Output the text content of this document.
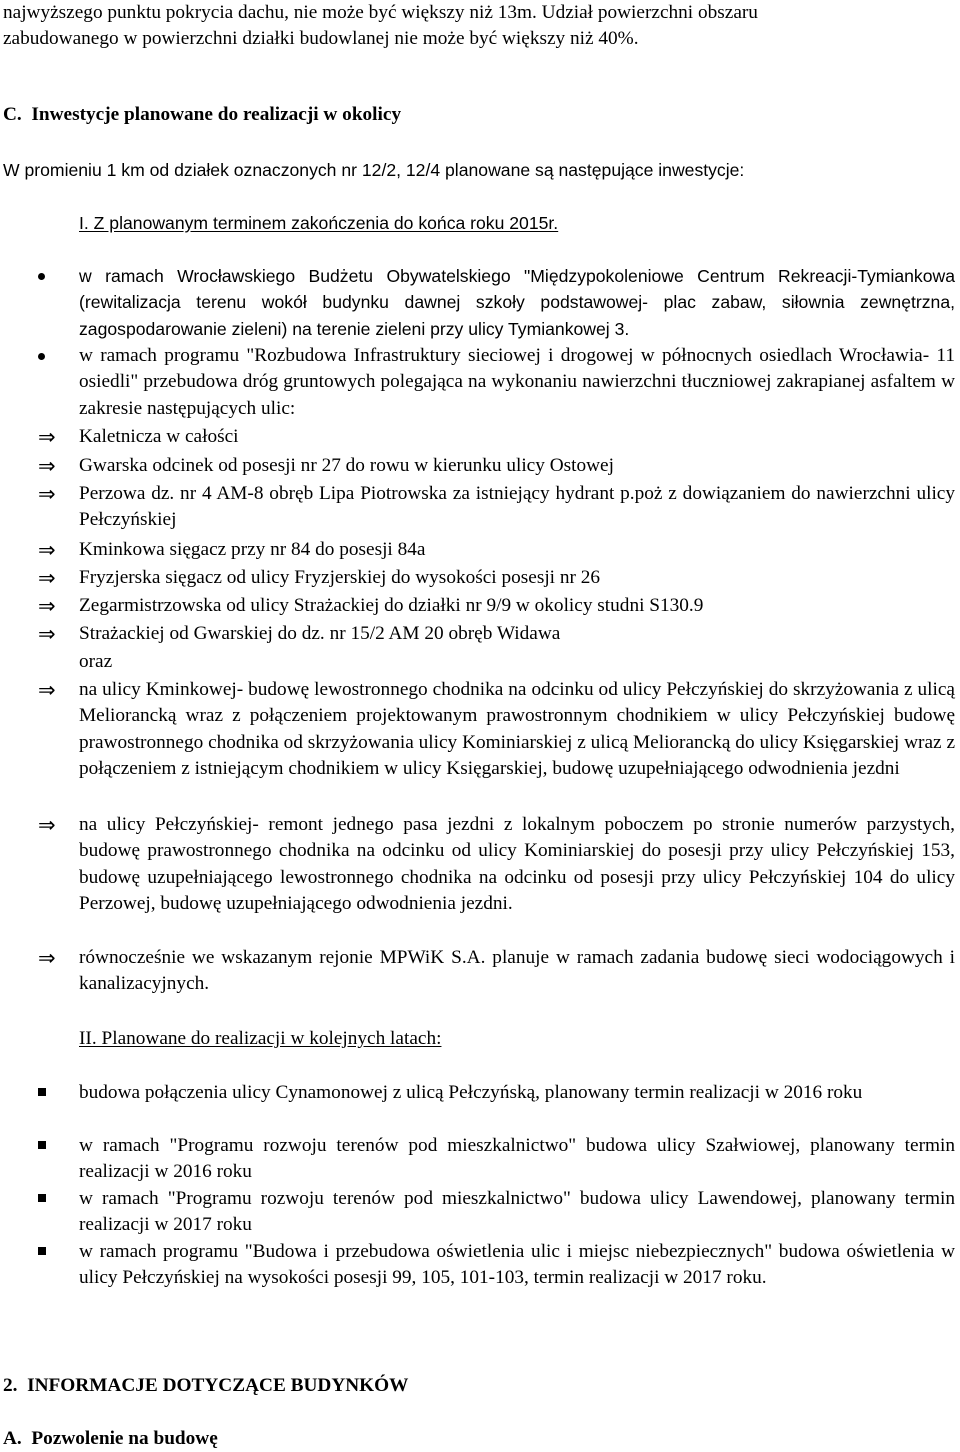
najwyższego punktu pokrycia dachu, nie może być większy niż 13m. Udział powierzchni obszaru

zabudowanego w powierzchni działki budowlanej nie może być większy niż 40%.

C.  Inwestycje planowane do realizacji w okolicy

W promieniu 1 km od działek oznaczonych nr 12/2, 12/4 planowane są następujące inwestycje:

I. Z planowanym terminem zakończenia do końca roku 2015r.

w ramach Wrocławskiego Budżetu Obywatelskiego "Międzypokoleniowe Centrum Rekreacji-Tymiankowa (rewitalizacja terenu wokół budynku dawnej szkoły podstawowej- plac zabaw, siłownia zewnętrzna, zagospodarowanie zieleni) na terenie zieleni przy ulicy Tymiankowej 3.

w ramach programu "Rozbudowa Infrastruktury sieciowej i drogowej w północnych osiedlach Wrocławia- 11 osiedli" przebudowa dróg gruntowych polegająca na wykonaniu nawierzchni tłuczniowej zakrapianej asfaltem w zakresie następujących ulic:

⇒ Kaletnicza w całości

⇒ Gwarska odcinek od posesji nr 27 do rowu w kierunku ulicy Ostowej

⇒ Perzowa dz. nr 4 AM-8 obręb Lipa Piotrowska za istniejący hydrant p.poż z dowiązaniem do nawierzchni ulicy Pełczyńskiej

⇒ Kminkowa sięgacz przy nr 84 do posesji 84a

⇒ Fryzjerska sięgacz od ulicy Fryzjerskiej do wysokości posesji nr 26

⇒ Zegarmistrzowska od ulicy Strażackiej do działki nr 9/9 w okolicy studni S130.9

⇒ Strażackiej od Gwarskiej do dz. nr 15/2 AM 20 obręb Widawa

oraz

⇒ na ulicy Kminkowej- budowę lewostronnego chodnika na odcinku od ulicy Pełczyńskiej do skrzyżowania z ulicą Meliorancką wraz z połączeniem projektowanym prawostronnym chodnikiem w ulicy Pełczyńskiej budowę prawostronnego chodnika od skrzyżowania ulicy Kominiarskiej z ulicą Meliorancką do ulicy Księgarskiej wraz z połączeniem z istniejącym chodnikiem w ulicy Księgarskiej, budowę uzupełniającego odwodnienia jezdni

⇒ na ulicy Pełczyńskiej- remont jednego pasa jezdni z lokalnym poboczem po stronie numerów parzystych, budowę prawostronnego chodnika na odcinku od ulicy Kominiarskiej do posesji przy ulicy Pełczyńskiej 153, budowę uzupełniającego lewostronnego chodnika na odcinku od posesji przy ulicy Pełczyńskiej 104 do ulicy Perzowej, budowę uzupełniającego odwodnienia jezdni.

⇒ równocześnie we wskazanym rejonie MPWiK S.A. planuje w ramach zadania budowę sieci wodociągowych i kanalizacyjnych.

II. Planowane do realizacji w kolejnych latach:

budowa połączenia ulicy Cynamonowej z ulicą Pełczyńską, planowany termin realizacji w 2016 roku

w ramach "Programu rozwoju terenów pod mieszkalnictwo" budowa ulicy Szałwiowej, planowany termin realizacji w 2016 roku

w ramach "Programu rozwoju terenów pod mieszkalnictwo" budowa ulicy Lawendowej, planowany termin realizacji w 2017 roku

w ramach programu "Budowa i przebudowa oświetlenia ulic i miejsc niebezpiecznych" budowa oświetlenia w ulicy Pełczyńskiej na wysokości posesji 99, 105, 101-103, termin realizacji w 2017 roku.

2.  INFORMACJE DOTYCZĄCE BUDYNKÓW

A.  Pozwolenie na budowę
